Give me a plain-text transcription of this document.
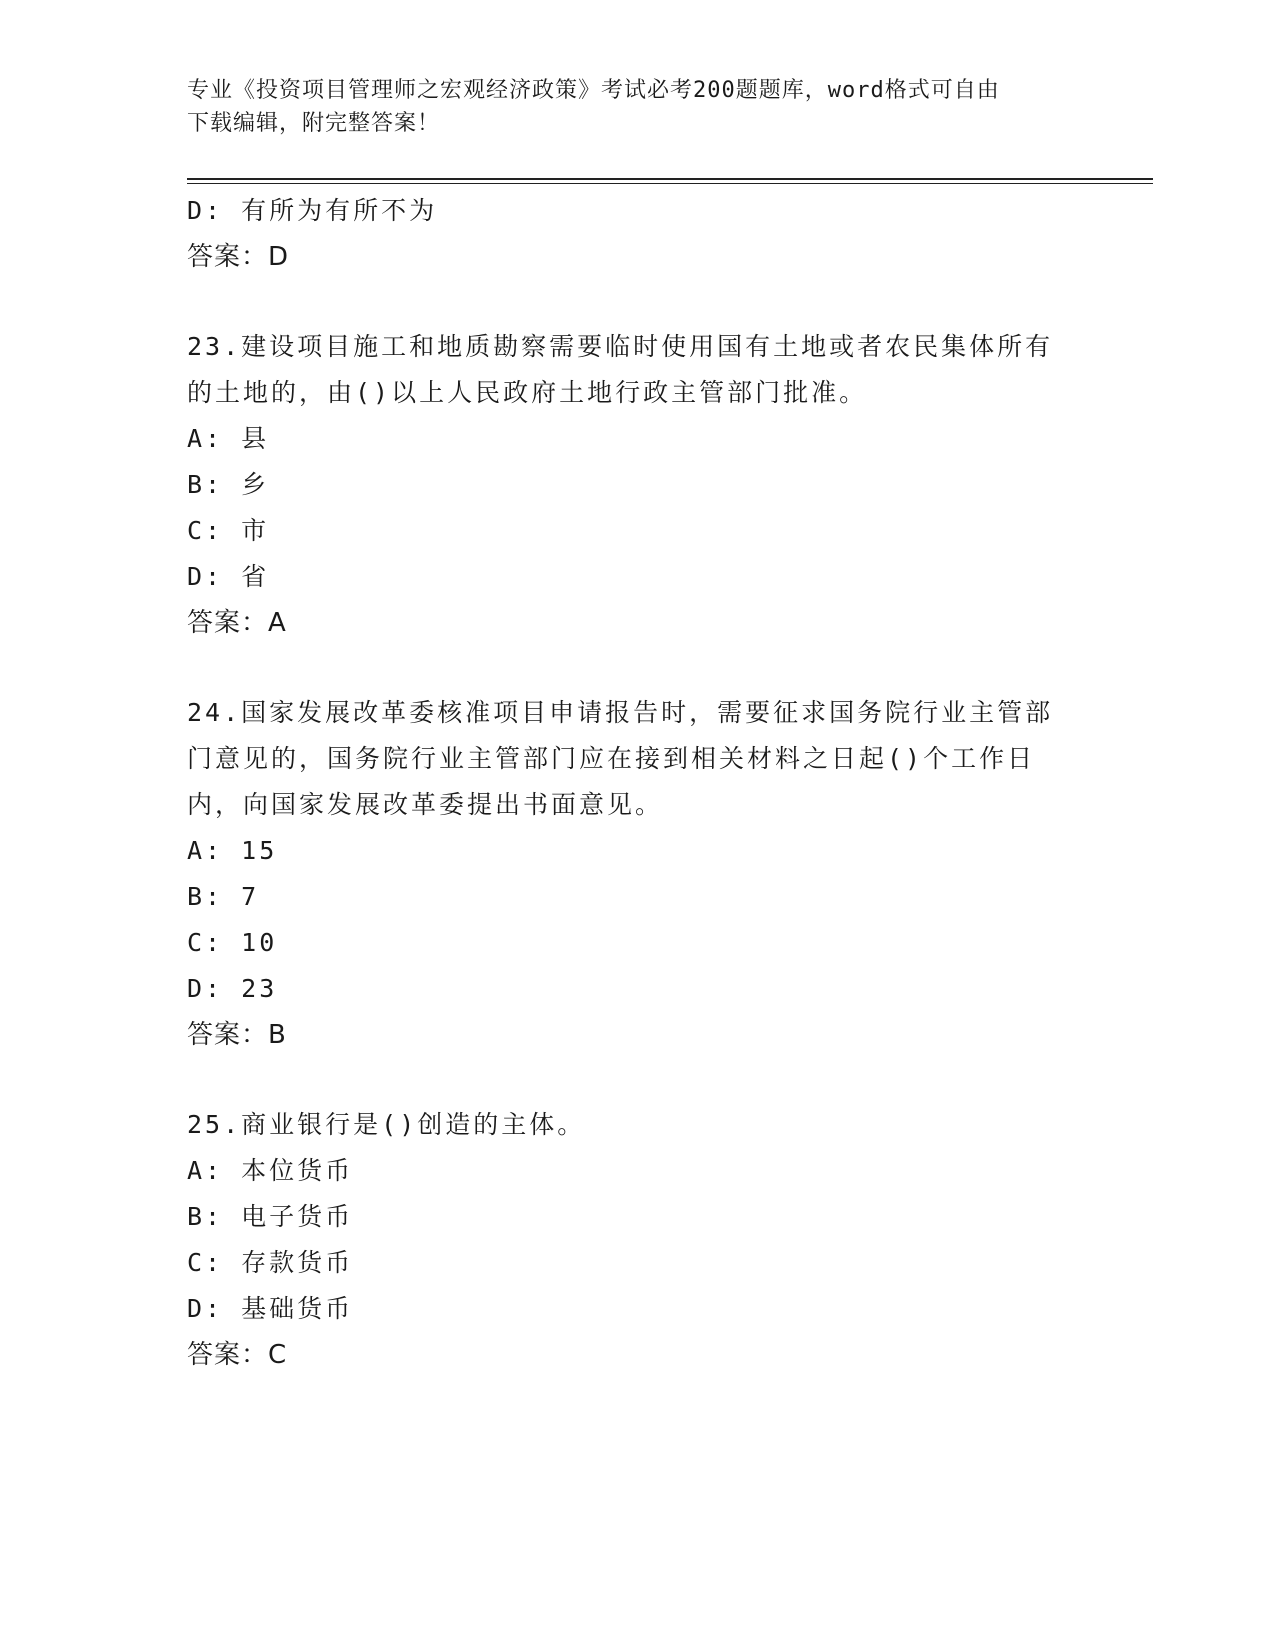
专业《投资项目管理师之宏观经济政策》考试必考200题题库，word格式可自由
下载编辑，附完整答案！
D: 有所为有所不为
答案：D
23.建设项目施工和地质勘察需要临时使用国有土地或者农民集体所有
的土地的，由()以上人民政府土地行政主管部门批准。
A: 县
B: 乡
C: 市
D: 省
答案：A
24.国家发展改革委核准项目申请报告时，需要征求国务院行业主管部
门意见的，国务院行业主管部门应在接到相关材料之日起()个工作日
内，向国家发展改革委提出书面意见。
A: 15
B: 7
C: 10
D: 23
答案：B
25.商业银行是()创造的主体。
A: 本位货币
B: 电子货币
C: 存款货币
D: 基础货币
答案：C
